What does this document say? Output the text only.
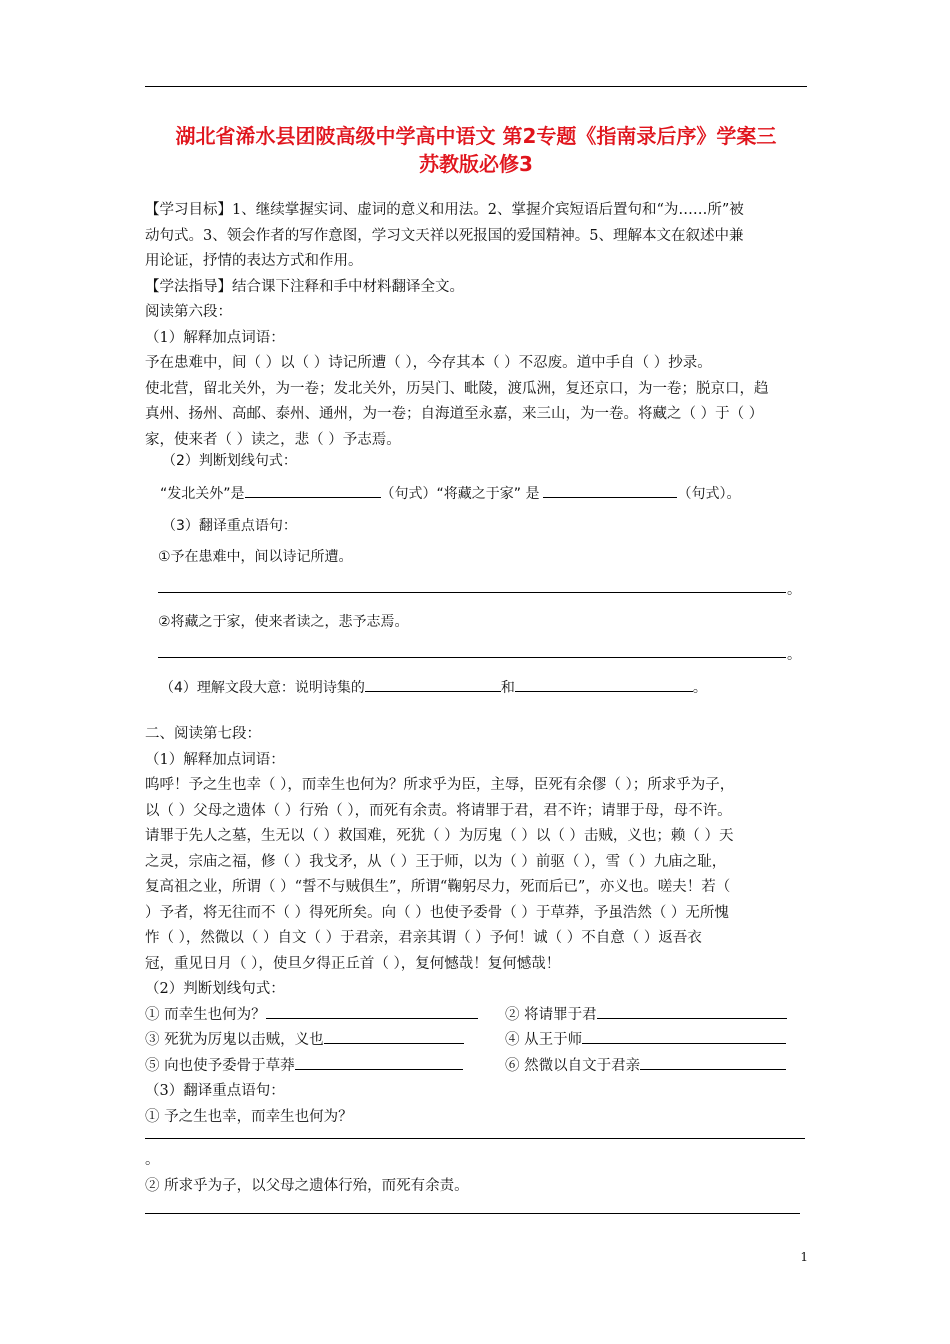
湖北省浠水县团陂高级中学高中语文 第2专题《指南录后序》学案三
苏教版必修3
【学习目标】1、继续掌握实词、虚词的意义和用法。2、掌握介宾短语后置句和“为……所”被
动句式。3、领会作者的写作意图，学习文天祥以死报国的爱国精神。5、理解本文在叙述中兼
用论证，抒情的表达方式和作用。
【学法指导】结合课下注释和手中材料翻译全文。
阅读第六段：
（1）解释加点词语：
予在患难中，间（ ）以（ ）诗记所遭（ ），今存其本（ ）不忍废。道中手自（ ）抄录。
使北营，留北关外，为一卷；发北关外，历吴门、毗陵，渡瓜洲，复还京口，为一卷；脱京口，趋
真州、扬州、高邮、泰州、通州，为一卷；自海道至永嘉，来三山，为一卷。将藏之（ ）于（ ）
家，使来者（ ）读之，悲（ ）予志焉。
（2）判断划线句式：
“发北关外”是	（句式）“将藏之于家” 是	（句式）。
（3）翻译重点语句：
①予在患难中，间以诗记所遭。
。
②将藏之于家，使来者读之，悲予志焉。
。
（4）理解文段大意：说明诗集的	和	。
二、阅读第七段：
（1）解释加点词语：
呜呼！予之生也幸（ ），而幸生也何为？所求乎为臣，主辱，臣死有余僇（ ）；所求乎为子，
以（ ）父母之遗体（ ）行殆（ ），而死有余责。将请罪于君，君不许；请罪于母，母不许。
请罪于先人之墓，生无以（ ）救国难，死犹（ ）为厉鬼（ ）以（ ）击贼，义也；赖（ ）天
之灵，宗庙之福，修（ ）我戈矛，从（ ）王于师，以为（ ）前驱（ ），雪（ ）九庙之耻，
复高祖之业，所谓（ ）“誓不与贼俱生”，所谓“鞠躬尽力，死而后已”，亦义也。嗟夫！若（
）予者，将无往而不（ ）得死所矣。向（ ）也使予委骨（ ）于草莽，予虽浩然（ ）无所愧
怍（ ），然微以（ ）自文（ ）于君亲，君亲其谓（ ）予何！诚（ ）不自意（ ）返吾衣
冠，重见日月（ ），使旦夕得正丘首（ ），复何憾哉！复何憾哉！
（2）判断划线句式：
① 而幸生也何为？	② 将请罪于君
③ 死犹为厉鬼以击贼，义也	④ 从王于师
⑤ 向也使予委骨于草莽	⑥ 然微以自文于君亲
（3）翻译重点语句：
① 予之生也幸，而幸生也何为？
。
② 所求乎为子，以父母之遗体行殆，而死有余责。
1
